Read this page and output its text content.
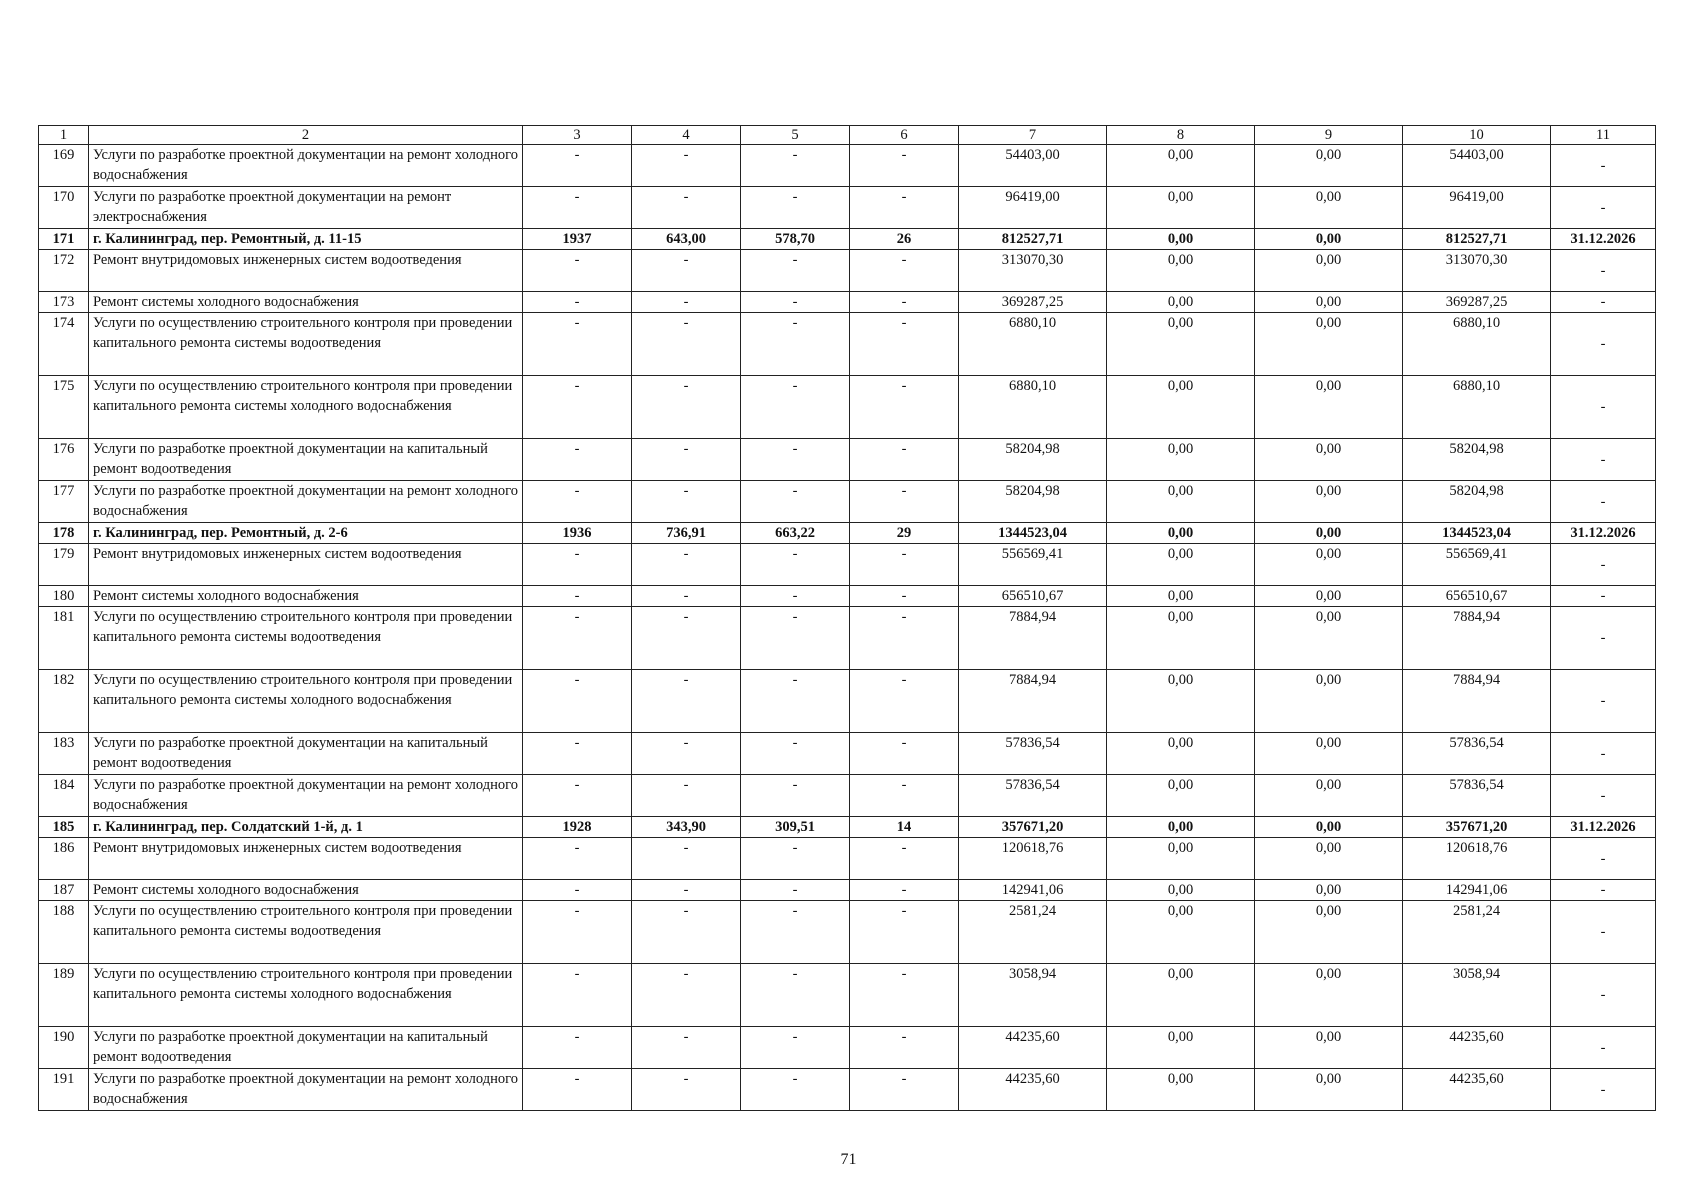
1	2	3	4	5	6	7	8	9	10	11
169	Услуги по разработке проектной документации на ремонт холодного водоснабжения	-	-	-	-	54403,00	0,00	0,00	54403,00	-
170	Услуги по разработке проектной документации на ремонт электроснабжения	-	-	-	-	96419,00	0,00	0,00	96419,00	-
171	г. Калининград, пер. Ремонтный, д. 11-15	1937	643,00	578,70	26	812527,71	0,00	0,00	812527,71	31.12.2026
172	Ремонт внутридомовых инженерных систем водоотведения	-	-	-	-	313070,30	0,00	0,00	313070,30	-
173	Ремонт системы холодного водоснабжения	-	-	-	-	369287,25	0,00	0,00	369287,25	-
174	Услуги по осуществлению строительного контроля при проведении капитального ремонта системы водоотведения	-	-	-	-	6880,10	0,00	0,00	6880,10	-
175	Услуги по осуществлению строительного контроля при проведении капитального ремонта системы холодного водоснабжения	-	-	-	-	6880,10	0,00	0,00	6880,10	-
176	Услуги по разработке проектной документации на капитальный ремонт водоотведения	-	-	-	-	58204,98	0,00	0,00	58204,98	-
177	Услуги по разработке проектной документации на ремонт холодного водоснабжения	-	-	-	-	58204,98	0,00	0,00	58204,98	-
178	г. Калининград, пер. Ремонтный, д. 2-6	1936	736,91	663,22	29	1344523,04	0,00	0,00	1344523,04	31.12.2026
179	Ремонт внутридомовых инженерных систем водоотведения	-	-	-	-	556569,41	0,00	0,00	556569,41	-
180	Ремонт системы холодного водоснабжения	-	-	-	-	656510,67	0,00	0,00	656510,67	-
181	Услуги по осуществлению строительного контроля при проведении капитального ремонта системы водоотведения	-	-	-	-	7884,94	0,00	0,00	7884,94	-
182	Услуги по осуществлению строительного контроля при проведении капитального ремонта системы холодного водоснабжения	-	-	-	-	7884,94	0,00	0,00	7884,94	-
183	Услуги по разработке проектной документации на капитальный ремонт водоотведения	-	-	-	-	57836,54	0,00	0,00	57836,54	-
184	Услуги по разработке проектной документации на ремонт холодного водоснабжения	-	-	-	-	57836,54	0,00	0,00	57836,54	-
185	г. Калининград, пер. Солдатский 1-й, д. 1	1928	343,90	309,51	14	357671,20	0,00	0,00	357671,20	31.12.2026
186	Ремонт внутридомовых инженерных систем водоотведения	-	-	-	-	120618,76	0,00	0,00	120618,76	-
187	Ремонт системы холодного водоснабжения	-	-	-	-	142941,06	0,00	0,00	142941,06	-
188	Услуги по осуществлению строительного контроля при проведении капитального ремонта системы водоотведения	-	-	-	-	2581,24	0,00	0,00	2581,24	-
189	Услуги по осуществлению строительного контроля при проведении капитального ремонта системы холодного водоснабжения	-	-	-	-	3058,94	0,00	0,00	3058,94	-
190	Услуги по разработке проектной документации на капитальный ремонт водоотведения	-	-	-	-	44235,60	0,00	0,00	44235,60	-
191	Услуги по разработке проектной документации на ремонт холодного водоснабжения	-	-	-	-	44235,60	0,00	0,00	44235,60	-
71
